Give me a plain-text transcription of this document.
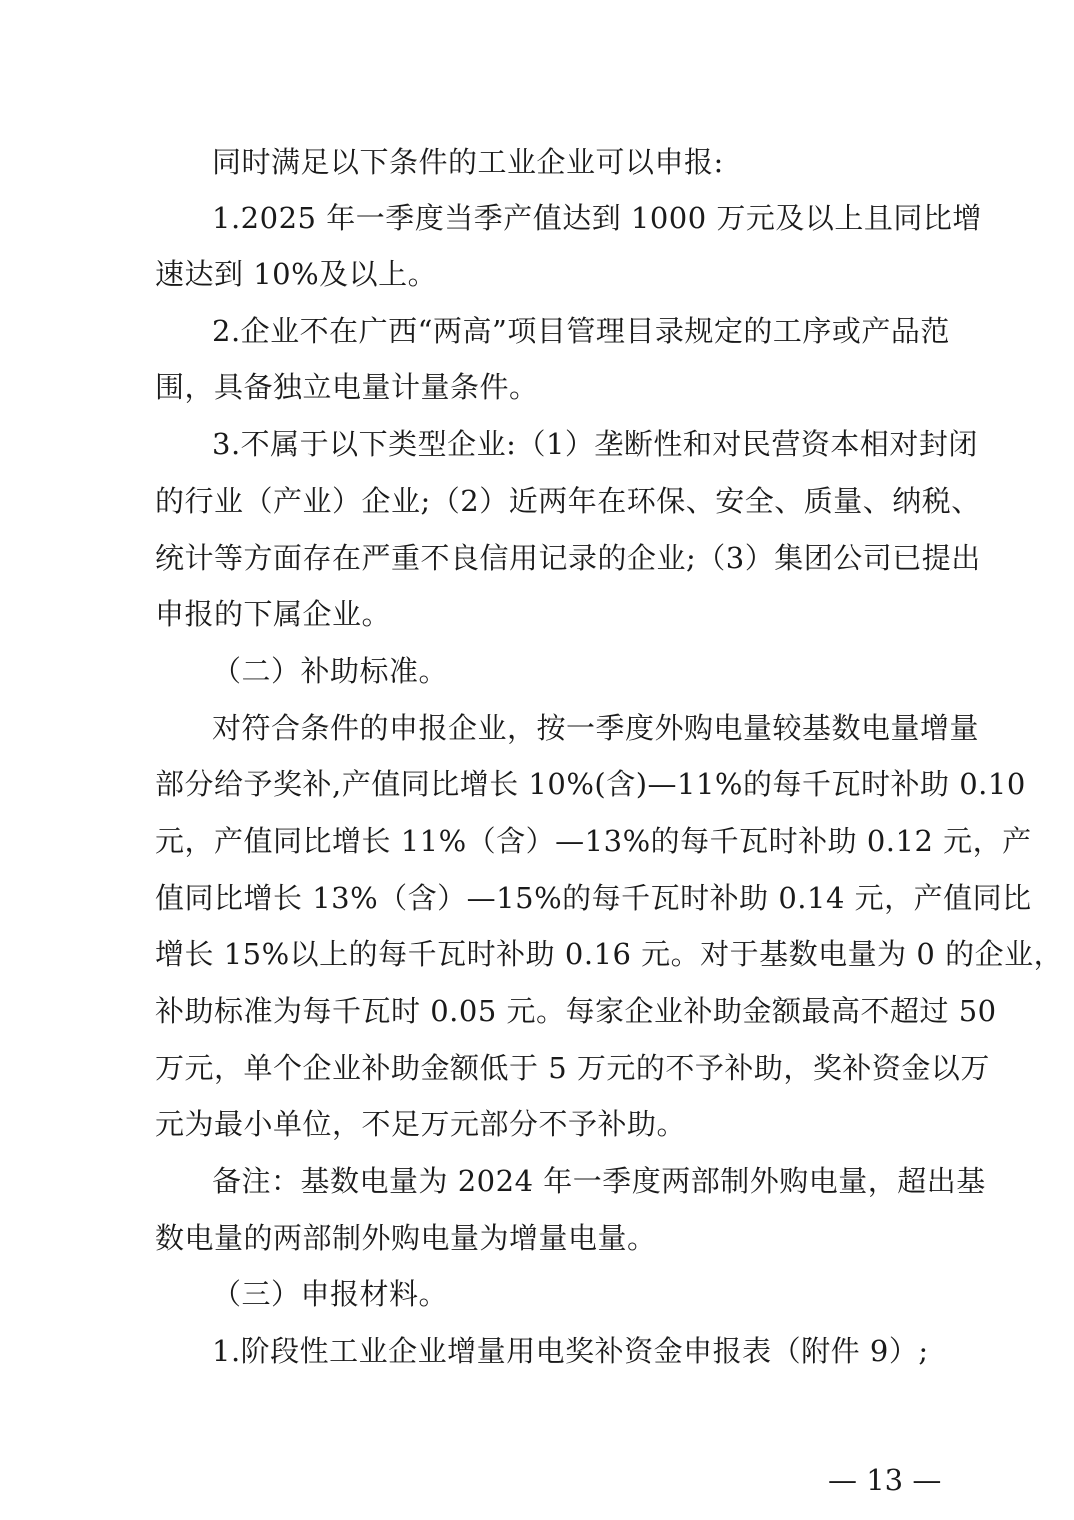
同时满足以下条件的工业企业可以申报:
1.2025 年一季度当季产值达到 1000 万元及以上且同比增
速达到 10%及以上。
2.企业不在广西“两高”项目管理目录规定的工序或产品范
围，具备独立电量计量条件。
3.不属于以下类型企业:（1）垄断性和对民营资本相对封闭
的行业（产业）企业;（2）近两年在环保、安全、质量、纳税、
统计等方面存在严重不良信用记录的企业;（3）集团公司已提出
申报的下属企业。
（二）补助标准。
对符合条件的申报企业，按一季度外购电量较基数电量增量
部分给予奖补,产值同比增长 10%(含)—11%的每千瓦时补助 0.10
元，产值同比增长 11%（含）—13%的每千瓦时补助 0.12 元，产
值同比增长 13%（含）—15%的每千瓦时补助 0.14 元，产值同比
增长 15%以上的每千瓦时补助 0.16 元。对于基数电量为 0 的企业，
补助标准为每千瓦时 0.05 元。每家企业补助金额最高不超过 50
万元，单个企业补助金额低于 5 万元的不予补助，奖补资金以万
元为最小单位，不足万元部分不予补助。
备注：基数电量为 2024 年一季度两部制外购电量，超出基
数电量的两部制外购电量为增量电量。
（三）申报材料。
1.阶段性工业企业增量用电奖补资金申报表（附件 9）;
— 13 —
